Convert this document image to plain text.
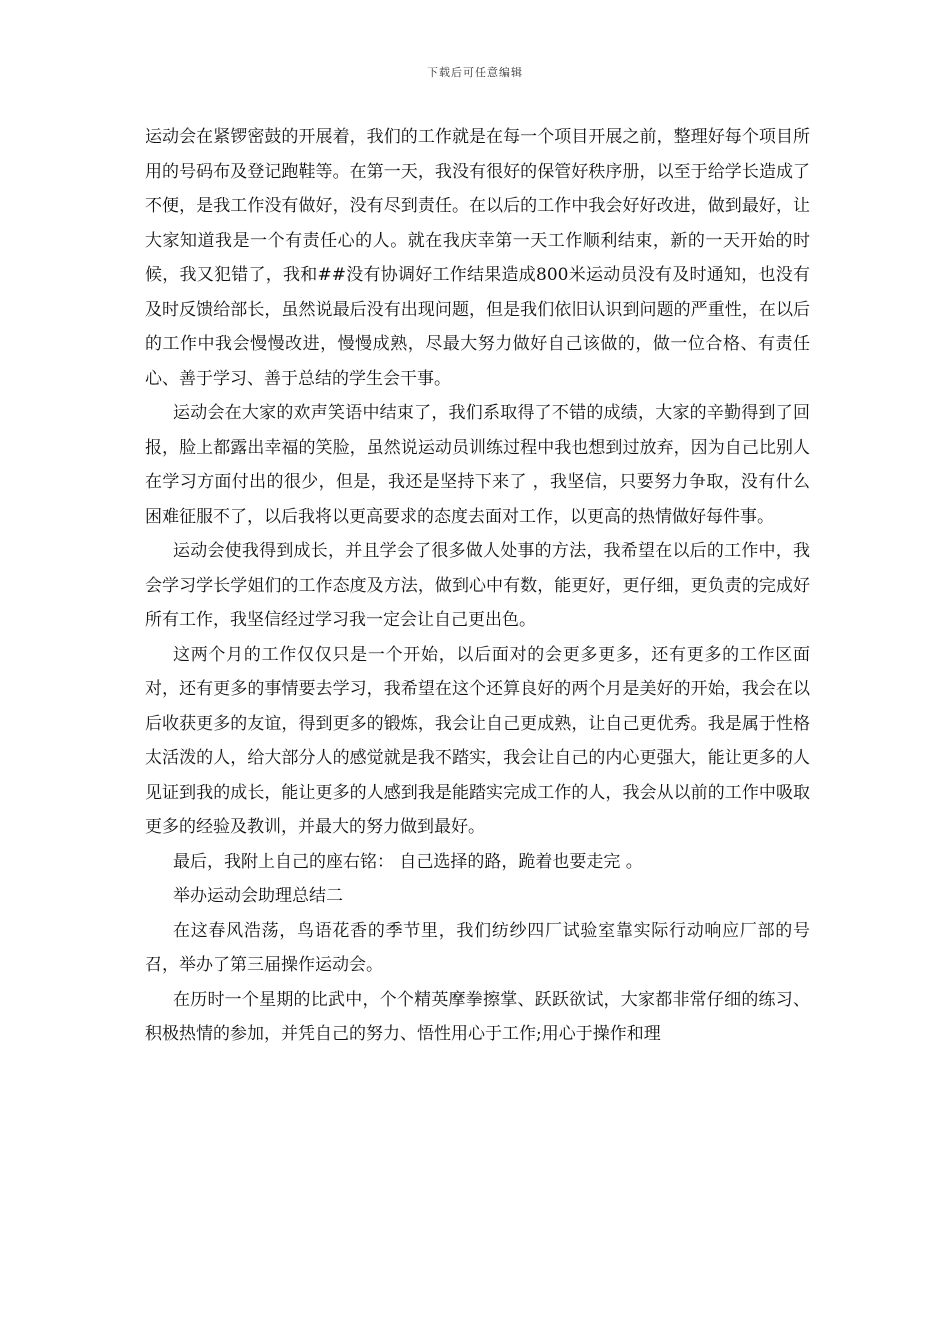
下载后可任意编辑

运动会在紧锣密鼓的开展着，我们的工作就是在每一个项目开展之前，整理好每个项目所用的号码布及登记跑鞋等。在第一天，我没有很好的保管好秩序册，以至于给学长造成了不便，是我工作没有做好，没有尽到责任。在以后的工作中我会好好改进，做到最好，让大家知道我是一个有责任心的人。就在我庆幸第一天工作顺利结束，新的一天开始的时候，我又犯错了，我和##没有协调好工作结果造成800米运动员没有及时通知，也没有及时反馈给部长，虽然说最后没有出现问题，但是我们依旧认识到问题的严重性，在以后的工作中我会慢慢改进，慢慢成熟，尽最大努力做好自己该做的，做一位合格、有责任心、善于学习、善于总结的学生会干事。

运动会在大家的欢声笑语中结束了，我们系取得了不错的成绩，大家的辛勤得到了回报，脸上都露出幸福的笑脸，虽然说运动员训练过程中我也想到过放弃，因为自己比别人在学习方面付出的很少，但是，我还是坚持下来了 ，我坚信，只要努力争取，没有什么困难征服不了，以后我将以更高要求的态度去面对工作，以更高的热情做好每件事。

运动会使我得到成长，并且学会了很多做人处事的方法，我希望在以后的工作中，我会学习学长学姐们的工作态度及方法，做到心中有数，能更好，更仔细，更负责的完成好所有工作，我坚信经过学习我一定会让自己更出色。

这两个月的工作仅仅只是一个开始，以后面对的会更多更多，还有更多的工作区面对，还有更多的事情要去学习，我希望在这个还算良好的两个月是美好的开始，我会在以后收获更多的友谊，得到更多的锻炼，我会让自己更成熟，让自己更优秀。我是属于性格太活泼的人，给大部分人的感觉就是我不踏实，我会让自己的内心更强大，能让更多的人见证到我的成长，能让更多的人感到我是能踏实完成工作的人，我会从以前的工作中吸取更多的经验及教训，并最大的努力做到最好。

最后，我附上自己的座右铭： 自己选择的路，跪着也要走完 。

举办运动会助理总结二

在这春风浩荡，鸟语花香的季节里，我们纺纱四厂试验室靠实际行动响应厂部的号召，举办了第三届操作运动会。

在历时一个星期的比武中，个个精英摩拳擦掌、跃跃欲试，大家都非常仔细的练习、积极热情的参加，并凭自己的努力、悟性用心于工作;用心于操作和理
